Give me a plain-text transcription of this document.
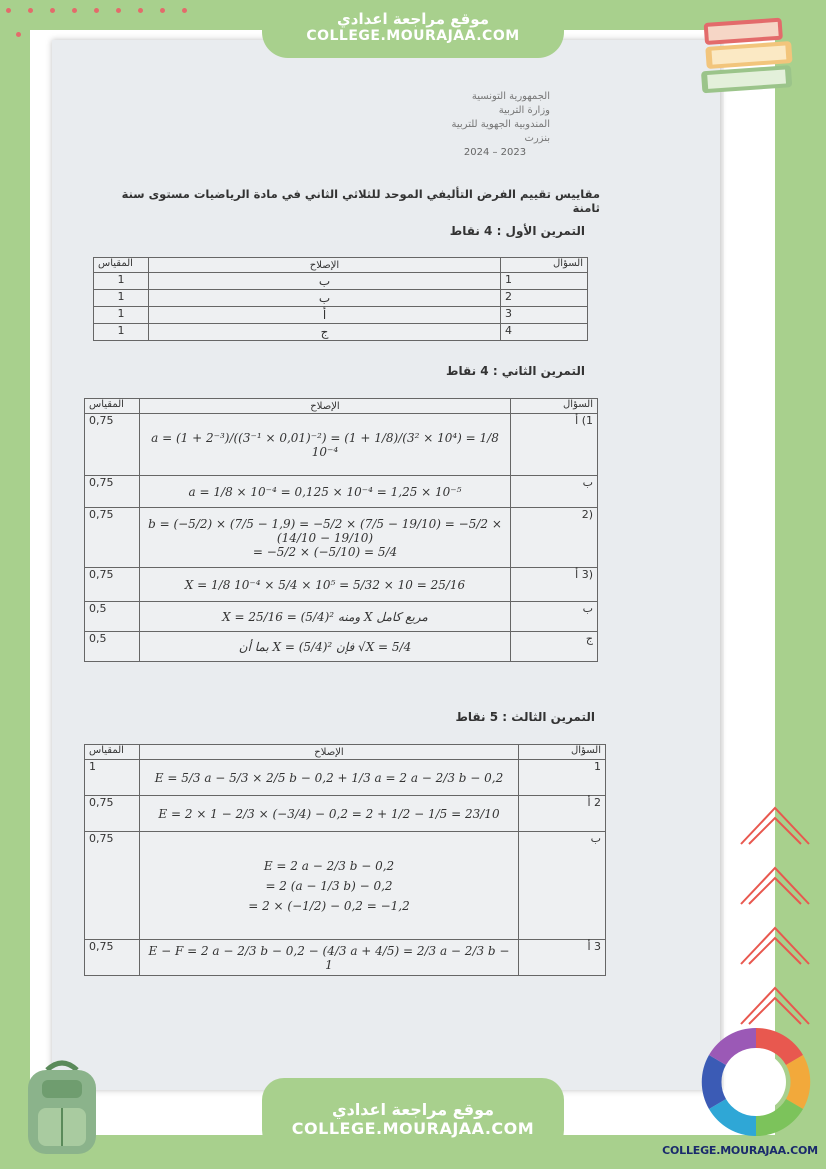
موقع مراجعة اعدادي
COLLEGE.MOURAJAA.COM
الجمهورية التونسية
وزارة التربية
المندوبية الجهوية للتربية بنزرت
2024 – 2023
مقاييس تقييم الفرض التأليفي الموحد للثلاثي الثاني في مادة الرياضيات مستوى سنة ثامنة
التمرين الأول : 4 نقاط
المقياس	الإصلاح	السؤال
1	ب	1
1	ب	2
1	أ	3
1	ج	4
التمرين الثاني : 4 نقاط
المقياس	الإصلاح	السؤال
0,75	a = (1 + 2⁻³)/((3⁻¹ × 0,01)⁻²) = (1 + 1/8)/(3² × 10⁴) = 1/8 10⁻⁴	1) أ
0,75	a = 1/8 × 10⁻⁴ = 0,125 × 10⁻⁴ = 1,25 × 10⁻⁵	ب
0,75	b = (−5/2) × (7/5 − 1,9) = −5/2 × (7/5 − 19/10) = −5/2 × (14/10 − 19/10)
= −5/2 × (−5/10) = 5/4	(2
0,75	X = 1/8 10⁻⁴ × 5/4 × 10⁵ = 5/32 × 10 = 25/16	(3 أ
0,5	X = 25/16 = (5/4)² ومنه X مربع كامل	ب
0,5	بما أن X = (5/4)² فإن √X = 5/4	ج
التمرين الثالث : 5 نقاط
المقياس	الإصلاح	السؤال
1	E = 5/3 a − 5/3 × 2/5 b − 0,2 + 1/3 a = 2 a − 2/3 b − 0,2	1
0,75	E = 2 × 1 − 2/3 × (−3/4) − 0,2 = 2 + 1/2 − 1/5 = 23/10	2 أ
0,75	E = 2 a − 2/3 b − 0,2
= 2 (a − 1/3 b) − 0,2
= 2 × (−1/2) − 0,2 = −1,2	ب
0,75	E − F = 2 a − 2/3 b − 0,2 − (4/3 a + 4/5) = 2/3 a − 2/3 b − 1	3 أ
موقع مراجعة اعدادي
COLLEGE.MOURAJAA.COM
COLLEGE.MOURAJAA.COM
